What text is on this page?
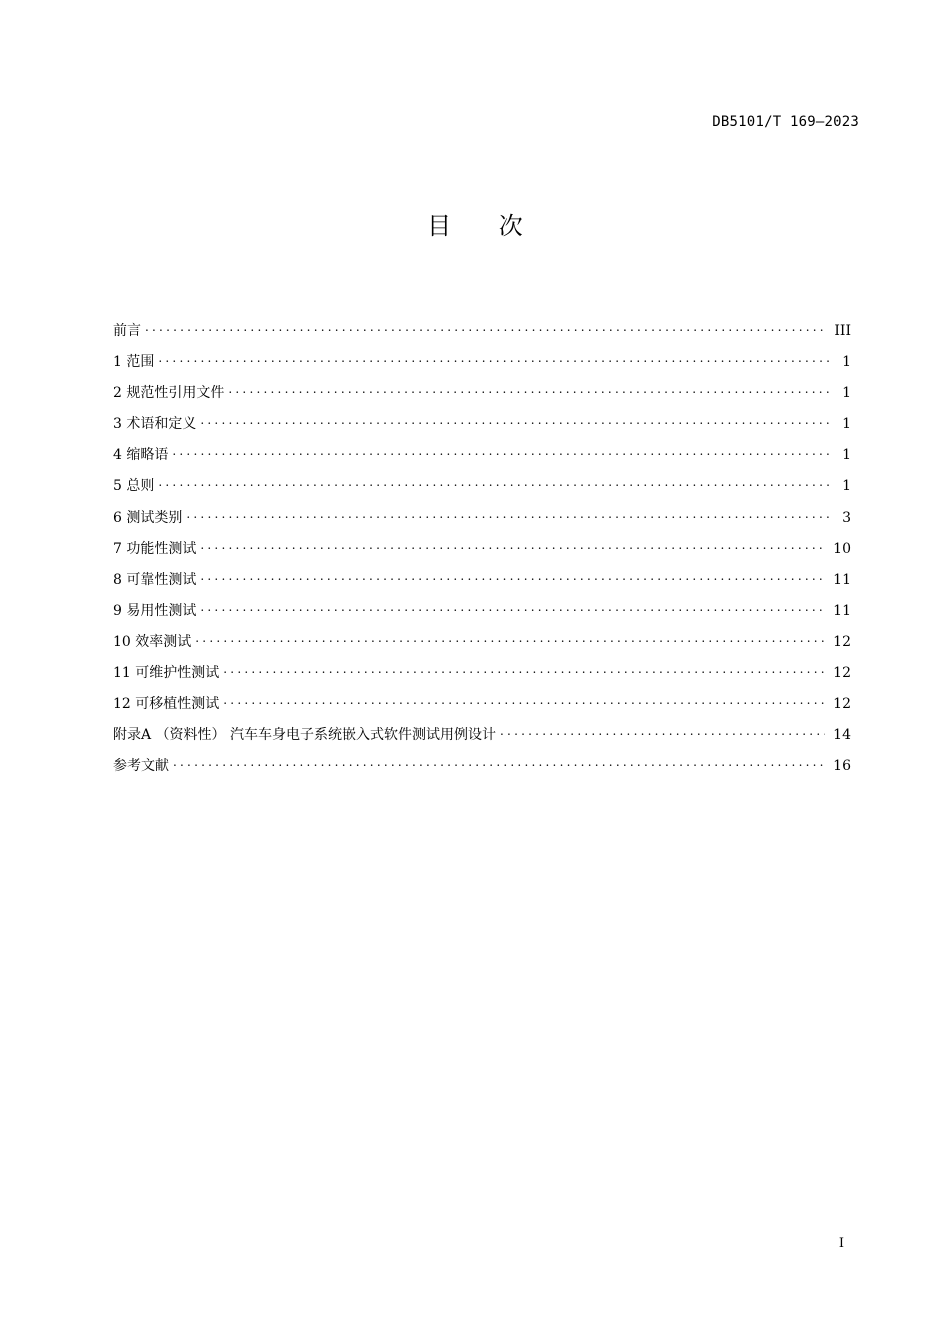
DB5101/T 169—2023
目 次
前言 . . .	III
1 范围 . . .	1
2 规范性引用文件 . . .	1
3 术语和定义 . . .	1
4 缩略语 . . .	1
5 总则 . . .	1
6 测试类别 . . .	3
7 功能性测试 . . .	10
8 可靠性测试 . . .	11
9 易用性测试 . . .	11
10 效率测试 . . .	12
11 可维护性测试 . . .	12
12 可移植性测试 . . .	12
附录A （资料性） 汽车车身电子系统嵌入式软件测试用例设计 . . .	14
参考文献 . . .	16
I
